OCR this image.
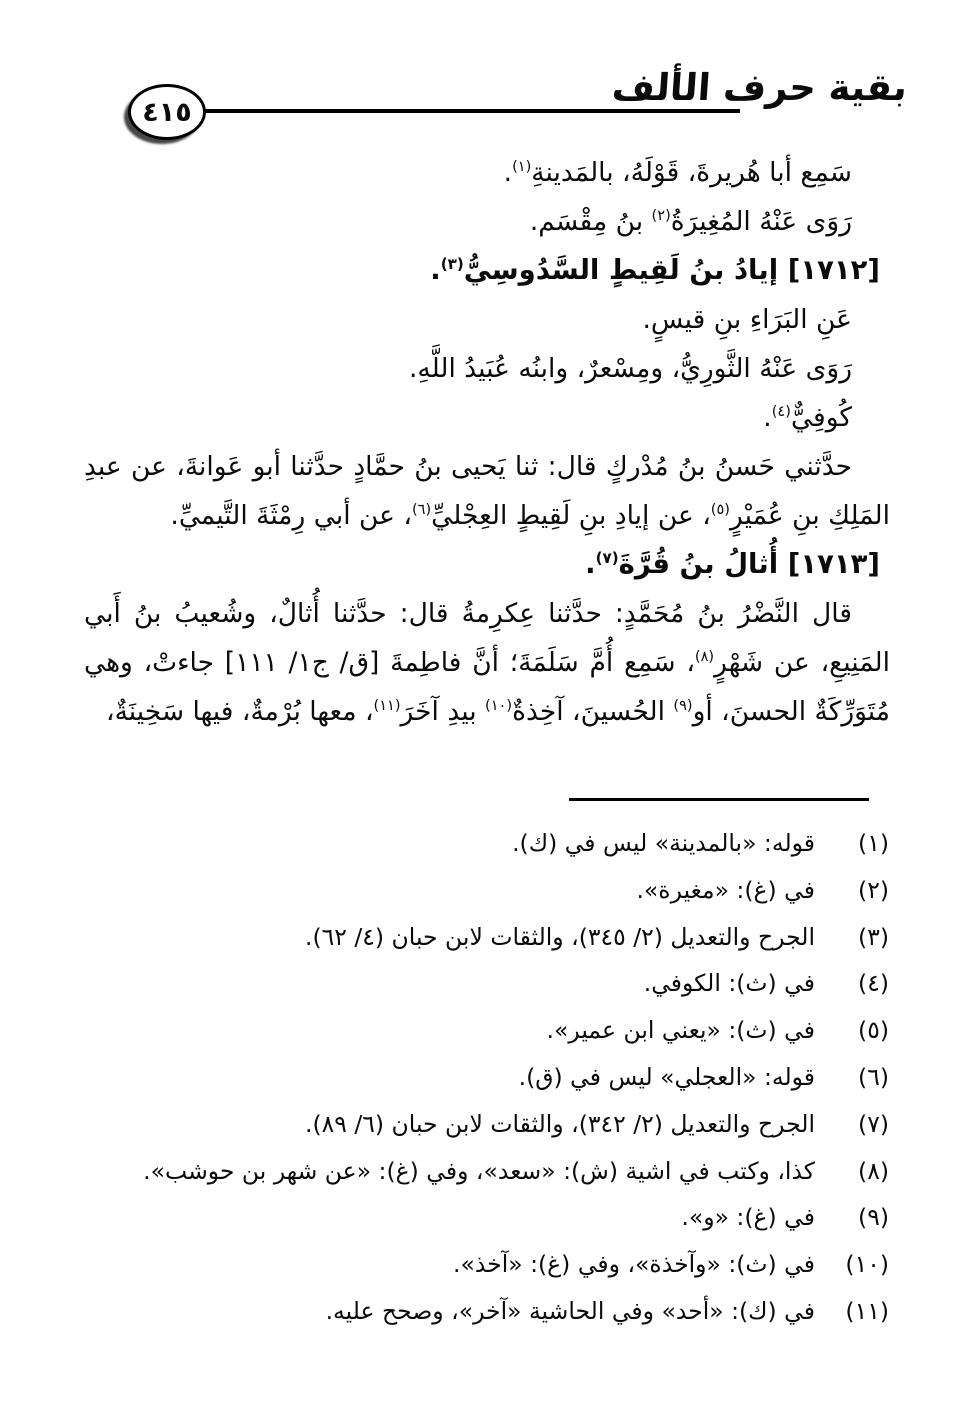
٤١٥
بقية حرف الألف
سَمِع أبا هُريرةَ، قَوْلَهُ، بالمَدينةِ$^{(١)}$.
رَوَى عَنْهُ المُغِيرَةُ$^{(٢)}$ بنُ مِقْسَم.
[١٧١٢] إيادُ بنُ لَقِيطٍ السَّدُوسِيُّ$^{(٣)}$.
عَنِ البَرَاءِ بنِ قيسٍ.
رَوَى عَنْهُ الثَّورِيُّ، ومِسْعرٌ، وابنُه عُبَيدُ اللَّهِ.
كُوفِيٌّ$^{(٤)}$.
حدَّثني حَسنُ بنُ مُدْركٍ قال: ثنا يَحيى بنُ حمَّادٍ حدَّثنا أبو عَوانةَ، عن عبدِ المَلِكِ بنِ عُمَيْرٍ$^{(٥)}$، عن إيادِ بنِ لَقِيطٍ العِجْليِّ$^{(٦)}$، عن أبي رِمْثَةَ التَّيميِّ.
[١٧١٣] أُثالُ بنُ قُرَّةَ$^{(٧)}$.
قال النَّضْرُ بنُ مُحَمَّدٍ: حدَّثنا عِكرِمةُ قال: حدَّثنا أُثالٌ، وشُعيبُ بنُ أَبي المَنِيعِ، عن شَهْرٍ$^{(٨)}$، سَمِع أُمَّ سَلَمَةَ؛ أنَّ فاطِمةَ [ق/ ج١/ ١١١] جاءتْ، وهي مُتَوَرِّكَةٌ الحسنَ، أو$^{(٩)}$ الحُسينَ، آخِذةٌ$^{(١٠)}$ بيدِ آخَرَ$^{(١١)}$، معها بُرْمةٌ، فيها سَخِينَةٌ،
(١)
قوله: «بالمدينة» ليس في (ك).
(٢)
في (غ): «مغيرة».
(٣)
الجرح والتعديل (٢/ ٣٤٥)، والثقات لابن حبان (٤/ ٦٢).
(٤)
في (ث): الكوفي.
(٥)
في (ث): «يعني ابن عمير».
(٦)
قوله: «العجلي» ليس في (ق).
(٧)
الجرح والتعديل (٢/ ٣٤٢)، والثقات لابن حبان (٦/ ٨٩).
(٨)
كذا، وكتب في اشية (ش): «سعد»، وفي (غ): «عن شهر بن حوشب».
(٩)
في (غ): «و».
(١٠)
في (ث): «وآخذة»، وفي (غ): «آخذ».
(١١)
في (ك): «أحد» وفي الحاشية «آخر»، وصحح عليه.
